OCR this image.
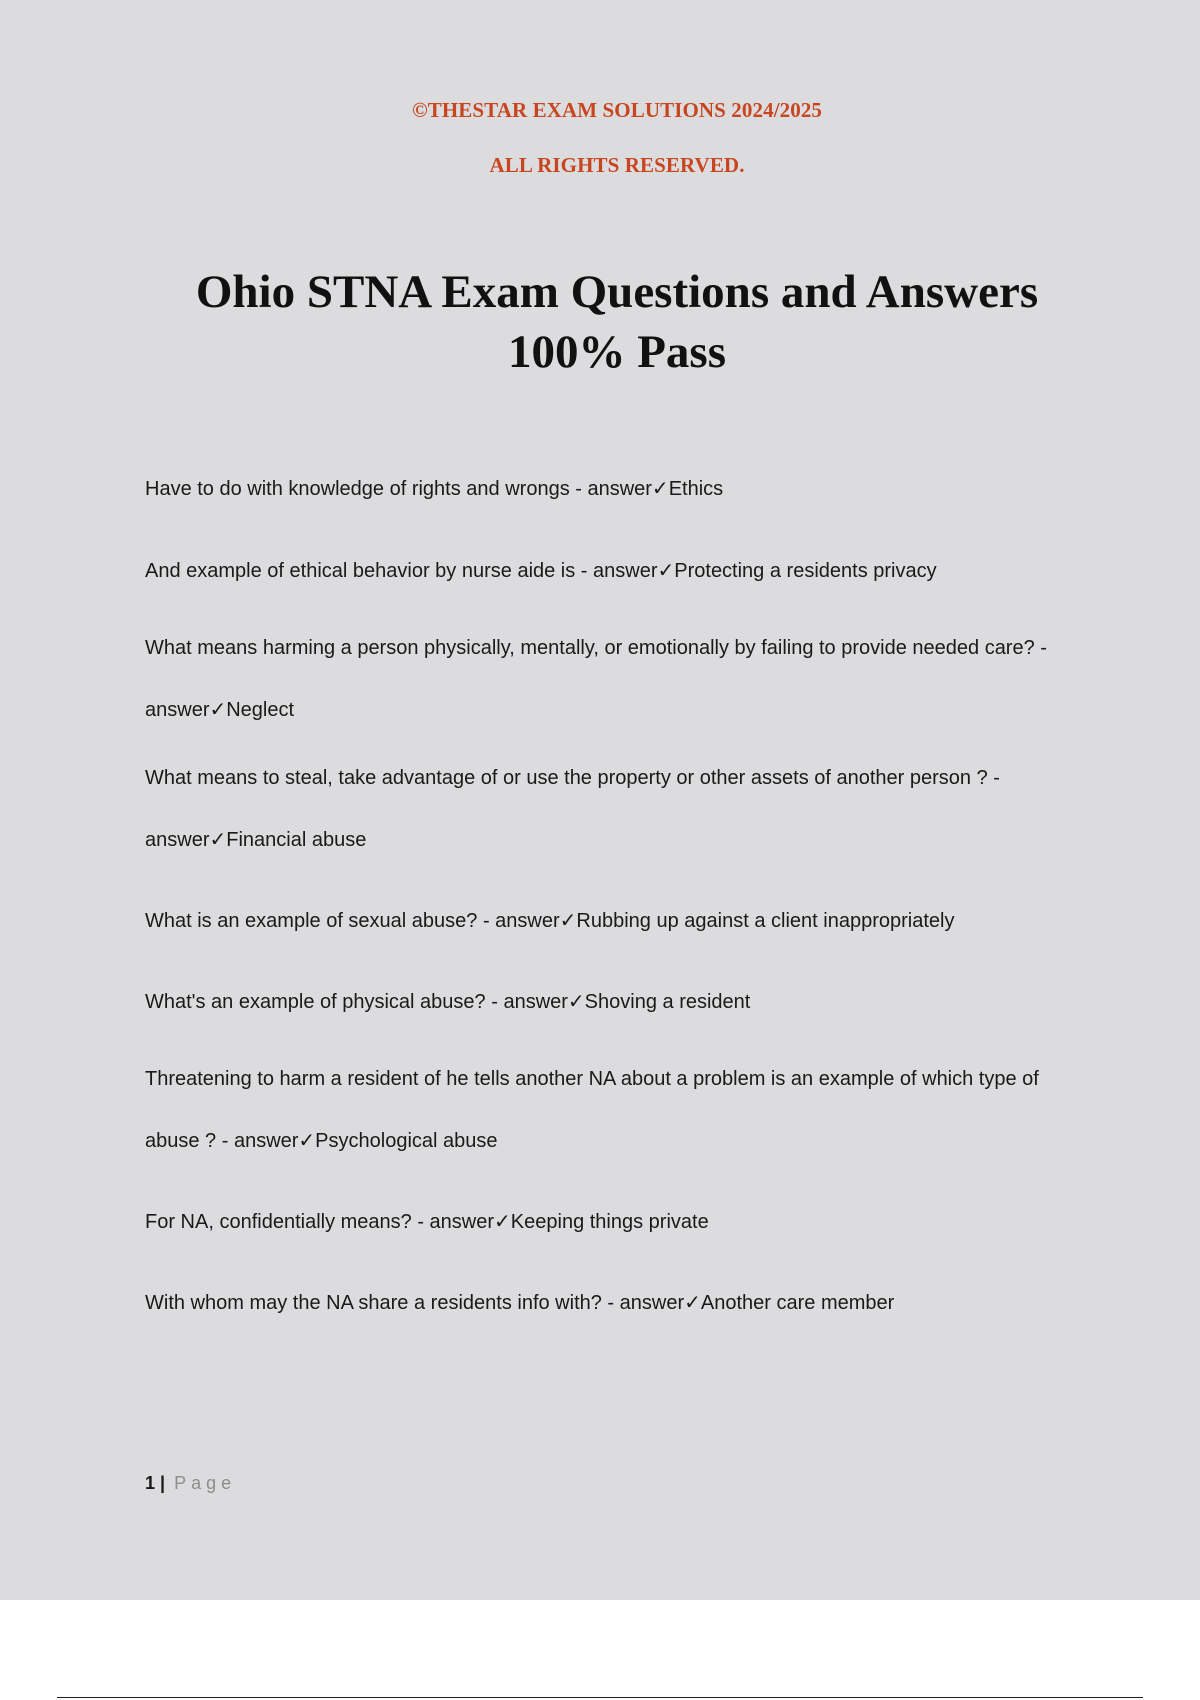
©THESTAR EXAM SOLUTIONS 2024/2025
ALL RIGHTS RESERVED.
Ohio STNA Exam Questions and Answers
100% Pass

Have to do with knowledge of rights and wrongs - answer✓Ethics

And example of ethical behavior by nurse aide is - answer✓Protecting a residents privacy

What means harming a person physically, mentally, or emotionally by failing to provide needed care? - answer✓Neglect

What means to steal, take advantage of or use the property or other assets of another person ? - answer✓Financial abuse

What is an example of sexual abuse? - answer✓Rubbing up against a client inappropriately

What's an example of physical abuse? - answer✓Shoving a resident

Threatening to harm a resident of he tells another NA about a problem is an example of which type of abuse ? - answer✓Psychological abuse

For NA, confidentially means? - answer✓Keeping things private

With whom may the NA share a residents info with? - answer✓Another care member

1 | Page
